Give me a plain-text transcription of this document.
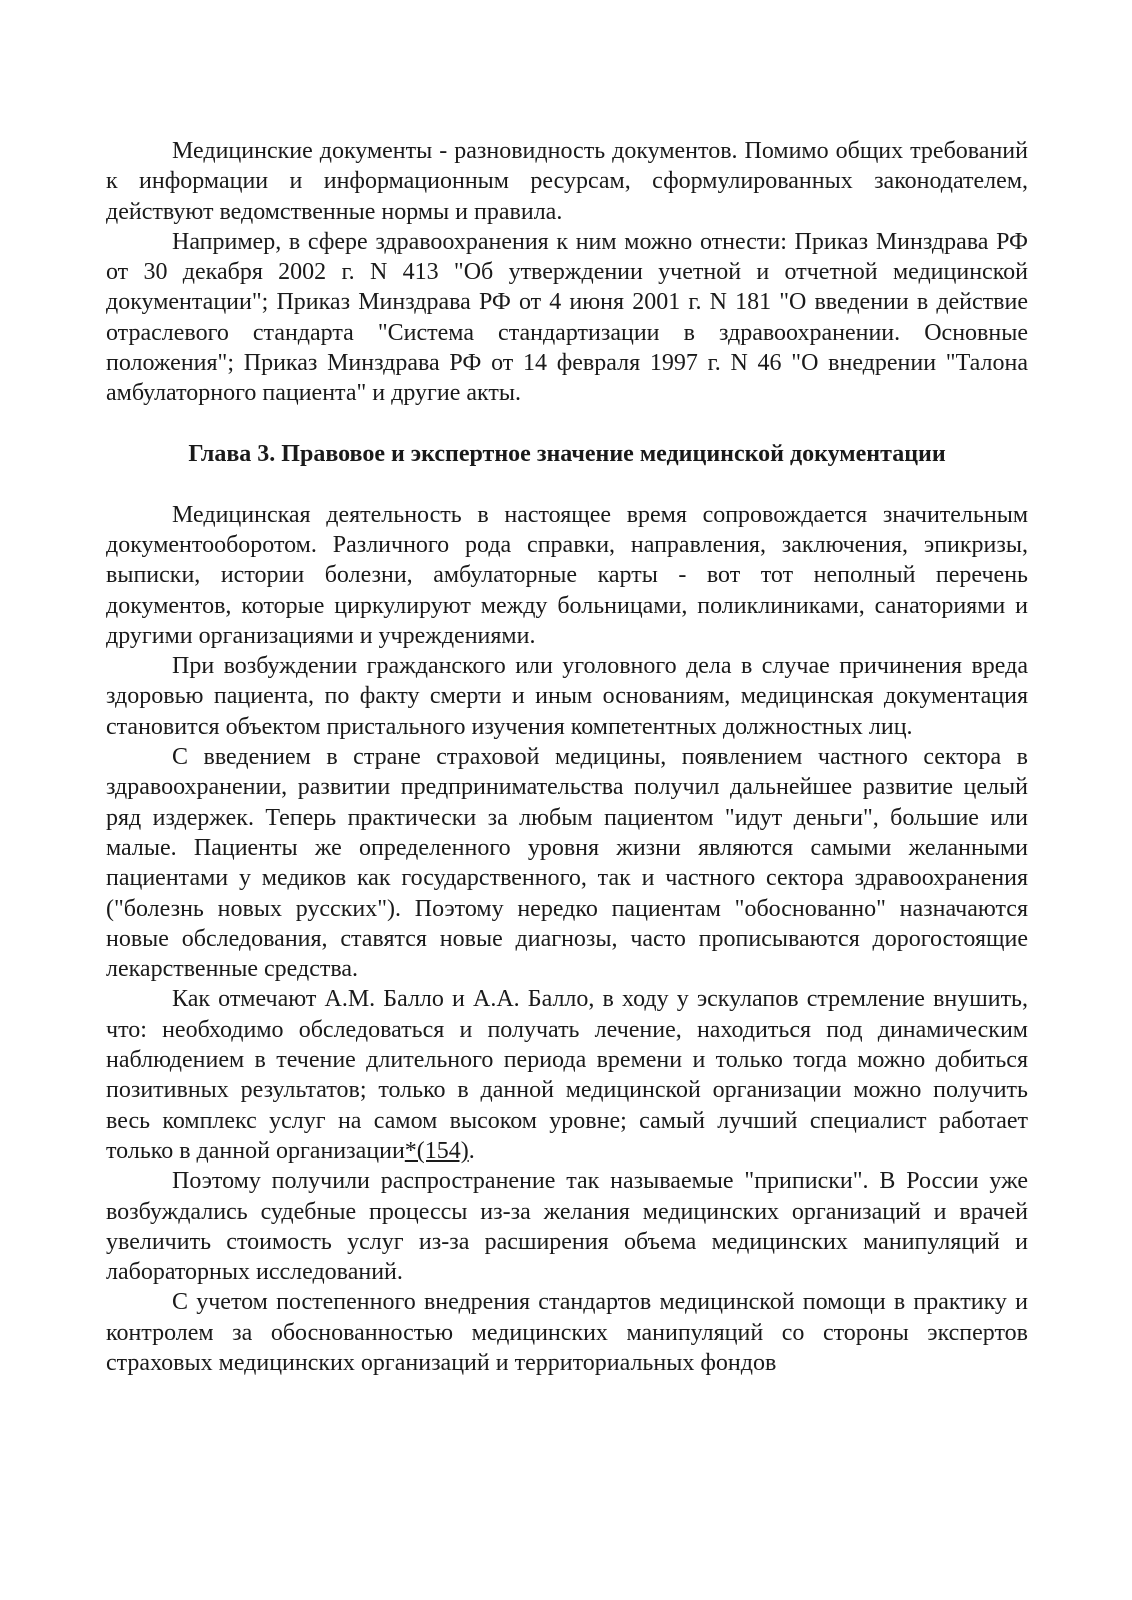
Медицинские документы - разновидность документов. Помимо общих требований к информации и информационным ресурсам, сформулированных законодателем, действуют ведомственные нормы и правила.

Например, в сфере здравоохранения к ним можно отнести: Приказ Минздрава РФ от 30 декабря 2002 г. N 413 "Об утверждении учетной и отчетной медицинской документации"; Приказ Минздрава РФ от 4 июня 2001 г. N 181 "О введении в действие отраслевого стандарта "Система стандартизации в здравоохранении. Основные положения"; Приказ Минздрава РФ от 14 февраля 1997 г. N 46 "О внедрении "Талона амбулаторного пациента" и другие акты.

Глава 3. Правовое и экспертное значение медицинской документации

Медицинская деятельность в настоящее время сопровождается значительным документооборотом. Различного рода справки, направления, заключения, эпикризы, выписки, истории болезни, амбулаторные карты - вот тот неполный перечень документов, которые циркулируют между больницами, поликлиниками, санаториями и другими организациями и учреждениями.

При возбуждении гражданского или уголовного дела в случае причинения вреда здоровью пациента, по факту смерти и иным основаниям, медицинская документация становится объектом пристального изучения компетентных должностных лиц.

С введением в стране страховой медицины, появлением частного сектора в здравоохранении, развитии предпринимательства получил дальнейшее развитие целый ряд издержек. Теперь практически за любым пациентом "идут деньги", большие или малые. Пациенты же определенного уровня жизни являются самыми желанными пациентами у медиков как государственного, так и частного сектора здравоохранения ("болезнь новых русских"). Поэтому нередко пациентам "обоснованно" назначаются новые обследования, ставятся новые диагнозы, часто прописываются дорогостоящие лекарственные средства.

Как отмечают А.М. Балло и А.А. Балло, в ходу у эскулапов стремление внушить, что: необходимо обследоваться и получать лечение, находиться под динамическим наблюдением в течение длительного периода времени и только тогда можно добиться позитивных результатов; только в данной медицинской организации можно получить весь комплекс услуг на самом высоком уровне; самый лучший специалист работает только в данной организации*(154).

Поэтому получили распространение так называемые "приписки". В России уже возбуждались судебные процессы из-за желания медицинских организаций и врачей увеличить стоимость услуг из-за расширения объема медицинских манипуляций и лабораторных исследований.

С учетом постепенного внедрения стандартов медицинской помощи в практику и контролем за обоснованностью медицинских манипуляций со стороны экспертов страховых медицинских организаций и территориальных фондов
